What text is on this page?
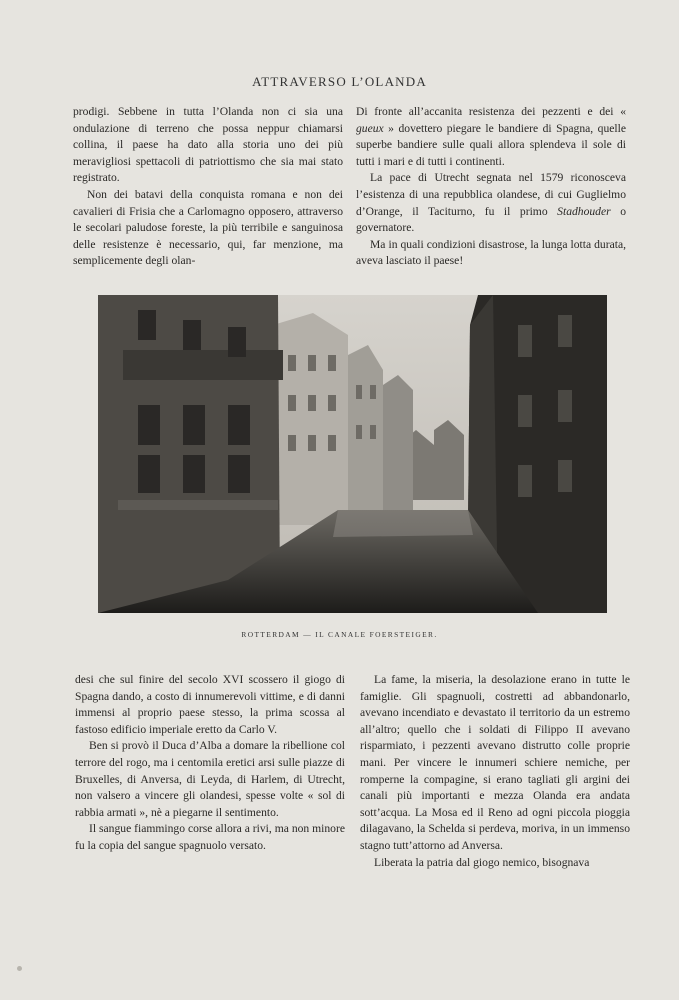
ATTRAVERSO L’OLANDA

prodigi. Sebbene in tutta l’Olanda non ci sia una ondulazione di terreno che possa neppur chiamarsi collina, il paese ha dato alla storia uno dei più meravigliosi spettacoli di patriottismo che sia mai stato registrato.

Non dei batavi della conquista romana e non dei cavalieri di Frisia che a Carlomagno opposero, attraverso le secolari paludose foreste, la più terribile e sanguinosa delle resistenze è necessario, qui, far menzione, ma semplicemente degli olan-

Di fronte all’accanita resistenza dei pezzenti e dei « gueux » dovettero piegare le bandiere di Spagna, quelle superbe bandiere sulle quali allora splendeva il sole di tutti i mari e di tutti i continenti.

La pace di Utrecht segnata nel 1579 riconosceva l’esistenza di una repubblica olandese, di cui Guglielmo d’Orange, il Taciturno, fu il primo Stadhouder o governatore.

Ma in quali condizioni disastrose, la lunga lotta durata, aveva lasciato il paese!

ROTTERDAM — IL CANALE FOERSTEIGER.

desi che sul finire del secolo XVI scossero il giogo di Spagna dando, a costo di innumerevoli vittime, e di danni immensi al proprio paese stesso, la prima scossa al fastoso edificio imperiale eretto da Carlo V.

Ben si provò il Duca d’Alba a domare la ribellione col terrore del rogo, ma i centomila eretici arsi sulle piazze di Bruxelles, di Anversa, di Leyda, di Harlem, di Utrecht, non valsero a vincere gli olandesi, spesse volte « sol di rabbia armati », nè a piegarne il sentimento.

Il sangue fiammingo corse allora a rivi, ma non minore fu la copia del sangue spagnuolo versato.

La fame, la miseria, la desolazione erano in tutte le famiglie. Gli spagnuoli, costretti ad abbandonarlo, avevano incendiato e devastato il territorio da un estremo all’altro; quello che i soldati di Filippo II avevano risparmiato, i pezzenti avevano distrutto colle proprie mani. Per vincere le innumeri schiere nemiche, per romperne la compagine, si erano tagliati gli argini dei canali più importanti e mezza Olanda era andata sott’acqua. La Mosa ed il Reno ad ogni piccola pioggia dilagavano, la Schelda si perdeva, moriva, in un immenso stagno tutt’attorno ad Anversa.

Liberata la patria dal giogo nemico, bisognava
